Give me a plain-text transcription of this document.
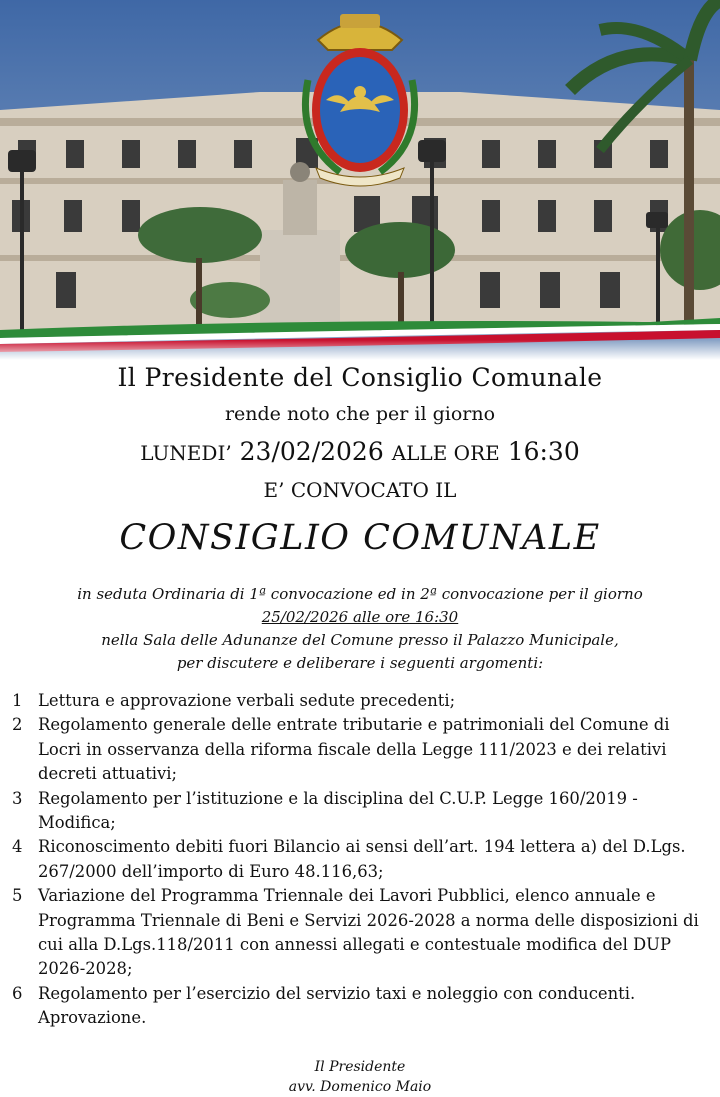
Il Presidente del Consiglio Comunale
rende noto che per il giorno
LUNEDI’ 23/02/2026 ALLE ORE 16:30
E’ CONVOCATO IL
CONSIGLIO COMUNALE
in seduta Ordinaria di 1ª convocazione ed in 2ª convocazione per il giorno
25/02/2026 alle ore 16:30
nella Sala delle Adunanze del Comune presso il Palazzo Municipale,
per discutere e deliberare i seguenti argomenti:
1 Lettura e approvazione verbali sedute precedenti;
2 Regolamento generale delle entrate tributarie e patrimoniali del Comune di Locri in osservanza della riforma fiscale della Legge 111/2023 e dei relativi decreti attuativi;
3 Regolamento per l’istituzione e la disciplina del C.U.P. Legge 160/2019 - Modifica;
4 Riconoscimento debiti fuori Bilancio ai sensi dell’art. 194 lettera a) del D.Lgs. 267/2000 dell’importo di Euro 48.116,63;
5 Variazione del Programma Triennale dei Lavori Pubblici, elenco annuale e Programma Triennale di Beni e Servizi 2026-2028 a norma delle disposizioni di cui alla D.Lgs.118/2011 con annessi allegati e contestuale modifica del DUP 2026-2028;
6 Regolamento per l’esercizio del servizio taxi e noleggio con conducenti. Aprovazione.
Il Presidente
avv. Domenico Maio
